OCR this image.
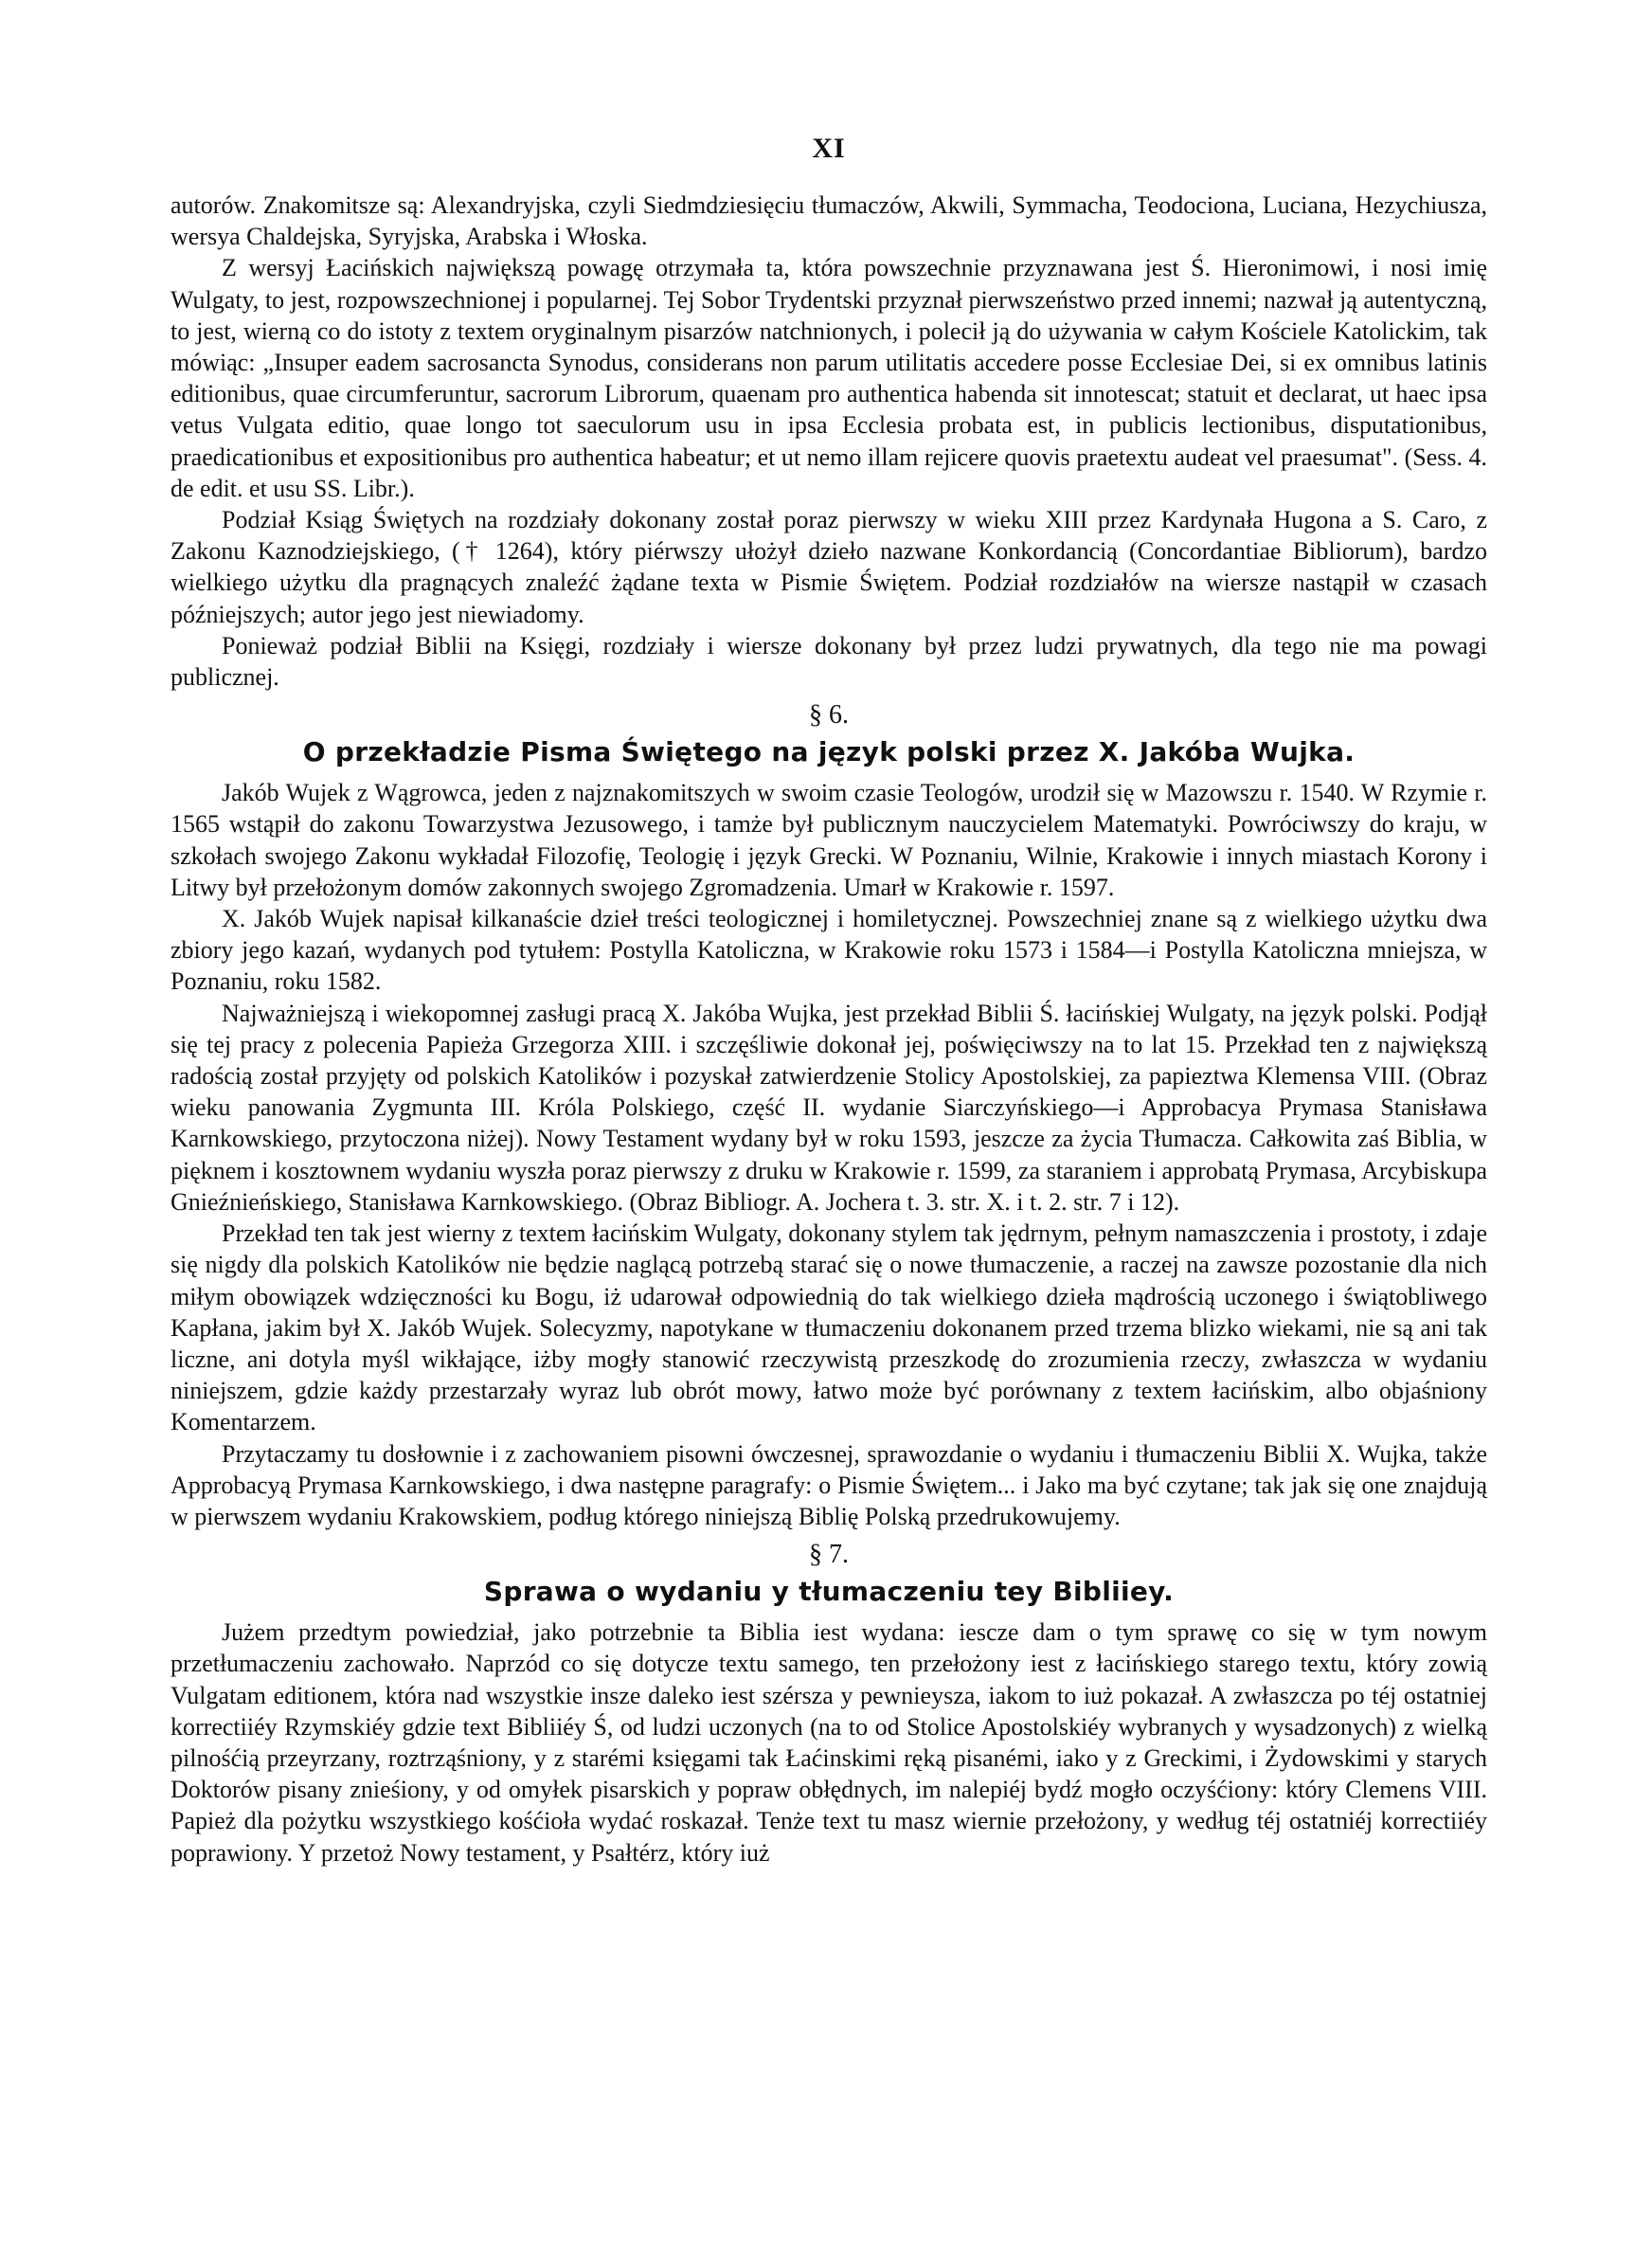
XI

autorów. Znakomitsze są: Alexandryjska, czyli Siedmdziesięciu tłumaczów, Akwili, Symmacha, Teodociona, Luciana, Hezychiusza, wersya Chaldejska, Syryjska, Arabska i Włoska.

Z wersyj Łacińskich największą powagę otrzymała ta, która powszechnie przyznawana jest Ś. Hieronimowi, i nosi imię Wulgaty, to jest, rozpowszechnionej i popularnej. Tej Sobor Trydentski przyznał pierwszeństwo przed innemi; nazwał ją autentyczną, to jest, wierną co do istoty z textem oryginalnym pisarzów natchnionych, i polecił ją do używania w całym Kościele Katolickim, tak mówiąc: „Insuper eadem sacrosancta Synodus, considerans non parum utilitatis accedere posse Ecclesiae Dei, si ex omnibus latinis editionibus, quae circumferuntur, sacrorum Librorum, quaenam pro authentica habenda sit innotescat; statuit et declarat, ut haec ipsa vetus Vulgata editio, quae longo tot saeculorum usu in ipsa Ecclesia probata est, in publicis lectionibus, disputationibus, praedicationibus et expositionibus pro authentica habeatur; et ut nemo illam rejicere quovis praetextu audeat vel praesumat". (Sess. 4. de edit. et usu SS. Libr.).

Podział Ksiąg Świętych na rozdziały dokonany został poraz pierwszy w wieku XIII przez Kardynała Hugona a S. Caro, z Zakonu Kaznodziejskiego, († 1264), który piérwszy ułożył dzieło nazwane Konkordancią (Concordantiae Bibliorum), bardzo wielkiego użytku dla pragnących znaleźć żądane texta w Pismie Świętem. Podział rozdziałów na wiersze nastąpił w czasach późniejszych; autor jego jest niewiadomy.

Ponieważ podział Biblii na Księgi, rozdziały i wiersze dokonany był przez ludzi prywatnych, dla tego nie ma powagi publicznej.

§ 6.
O przekładzie Pisma Świętego na język polski przez X. Jakóba Wujka.

Jakób Wujek z Wągrowca, jeden z najznakomitszych w swoim czasie Teologów, urodził się w Mazowszu r. 1540. W Rzymie r. 1565 wstąpił do zakonu Towarzystwa Jezusowego, i tamże był publicznym nauczycielem Matematyki. Powróciwszy do kraju, w szkołach swojego Zakonu wykładał Filozofię, Teologię i język Grecki. W Poznaniu, Wilnie, Krakowie i innych miastach Korony i Litwy był przełożonym domów zakonnych swojego Zgromadzenia. Umarł w Krakowie r. 1597.

X. Jakób Wujek napisał kilkanaście dzieł treści teologicznej i homiletycznej. Powszechniej znane są z wielkiego użytku dwa zbiory jego kazań, wydanych pod tytułem: Postylla Katoliczna, w Krakowie roku 1573 i 1584—i Postylla Katoliczna mniejsza, w Poznaniu, roku 1582.

Najważniejszą i wiekopomnej zasługi pracą X. Jakóba Wujka, jest przekład Biblii Ś. łacińskiej Wulgaty, na język polski. Podjął się tej pracy z polecenia Papieża Grzegorza XIII. i szczęśliwie dokonał jej, poświęciwszy na to lat 15. Przekład ten z największą radością został przyjęty od polskich Katolików i pozyskał zatwierdzenie Stolicy Apostolskiej, za papieztwa Klemensa VIII. (Obraz wieku panowania Zygmunta III. Króla Polskiego, część II. wydanie Siarczyńskiego—i Approbacya Prymasa Stanisława Karnkowskiego, przytoczona niżej). Nowy Testament wydany był w roku 1593, jeszcze za życia Tłumacza. Całkowita zaś Biblia, w pięknem i kosztownem wydaniu wyszła poraz pierwszy z druku w Krakowie r. 1599, za staraniem i approbatą Prymasa, Arcybiskupa Gnieźnieńskiego, Stanisława Karnkowskiego. (Obraz Bibliogr. A. Jochera t. 3. str. X. i t. 2. str. 7 i 12).

Przekład ten tak jest wierny z textem łacińskim Wulgaty, dokonany stylem tak jędrnym, pełnym namaszczenia i prostoty, i zdaje się nigdy dla polskich Katolików nie będzie naglącą potrzebą starać się o nowe tłumaczenie, a raczej na zawsze pozostanie dla nich miłym obowiązek wdzięczności ku Bogu, iż udarował odpowiednią do tak wielkiego dzieła mądrością uczonego i świątobliwego Kapłana, jakim był X. Jakób Wujek. Solecyzmy, napotykane w tłumaczeniu dokonanem przed trzema blizko wiekami, nie są ani tak liczne, ani dotyla myśl wikłające, iżby mogły stanowić rzeczywistą przeszkodę do zrozumienia rzeczy, zwłaszcza w wydaniu niniejszem, gdzie każdy przestarzały wyraz lub obrót mowy, łatwo może być porównany z textem łacińskim, albo objaśniony Komentarzem.

Przytaczamy tu dosłownie i z zachowaniem pisowni ówczesnej, sprawozdanie o wydaniu i tłumaczeniu Biblii X. Wujka, także Approbacyą Prymasa Karnkowskiego, i dwa następne paragrafy: o Pismie Świętem... i Jako ma być czytane; tak jak się one znajdują w pierwszem wydaniu Krakowskiem, podług którego niniejszą Biblię Polską przedrukowujemy.

§ 7.
Sprawa o wydaniu y tłumaczeniu tey Bibliiey.

Jużem przedtym powiedział, jako potrzebnie ta Biblia iest wydana: iescze dam o tym sprawę co się w tym nowym przetłumaczeniu zachowało. Naprzód co się dotycze textu samego, ten przełożony iest z łacińskiego starego textu, który zowią Vulgatam editionem, która nad wszystkie insze daleko iest szérsza y pewnieysza, iakom to iuż pokazał. A zwłaszcza po téj ostatniej korrectiiéy Rzymskiéy gdzie text Bibliiéy Ś, od ludzi uczonych (na to od Stolice Apostolskiéy wybranych y wysadzonych) z wielką pilnośćią przeyrzany, roztrząśniony, y z starémi księgami tak Łaćinskimi ręką pisanémi, iako y z Greckimi, i Żydowskimi y starych Doktorów pisany znieśiony, y od omyłek pisarskich y popraw obłędnych, im nalepiéj bydź mogło oczyśćiony: który Clemens VIII. Papież dla pożytku wszystkiego kośćioła wydać roskazał. Tenże text tu masz wiernie przełożony, y według téj ostatniéj korrectiiéy poprawiony. Y przetoż Nowy testament, y Psałtérz, który iuż
